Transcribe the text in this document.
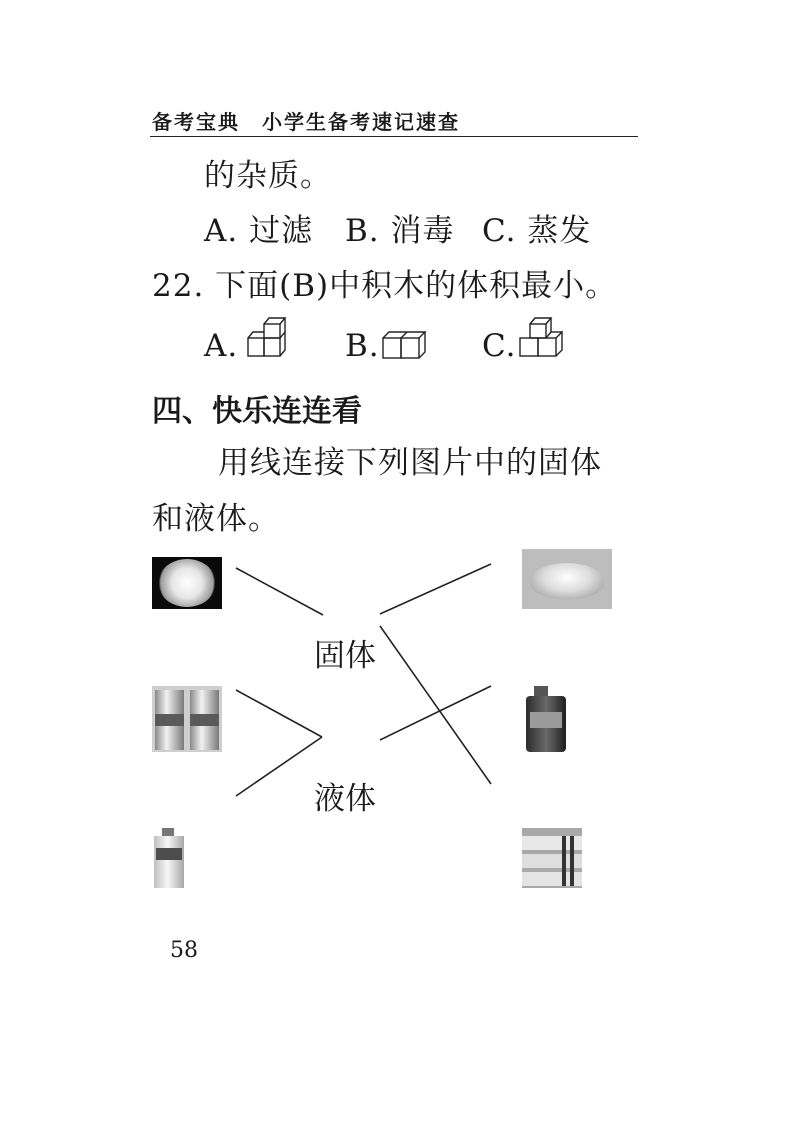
备考宝典　小学生备考速记速查
的杂质。
A. 过滤 B. 消毒 C. 蒸发
22. 下面(B)中积木的体积最小。
A.	B.	C.
四、快乐连连看
用线连接下列图片中的固体
和液体。
固体
液体
58
